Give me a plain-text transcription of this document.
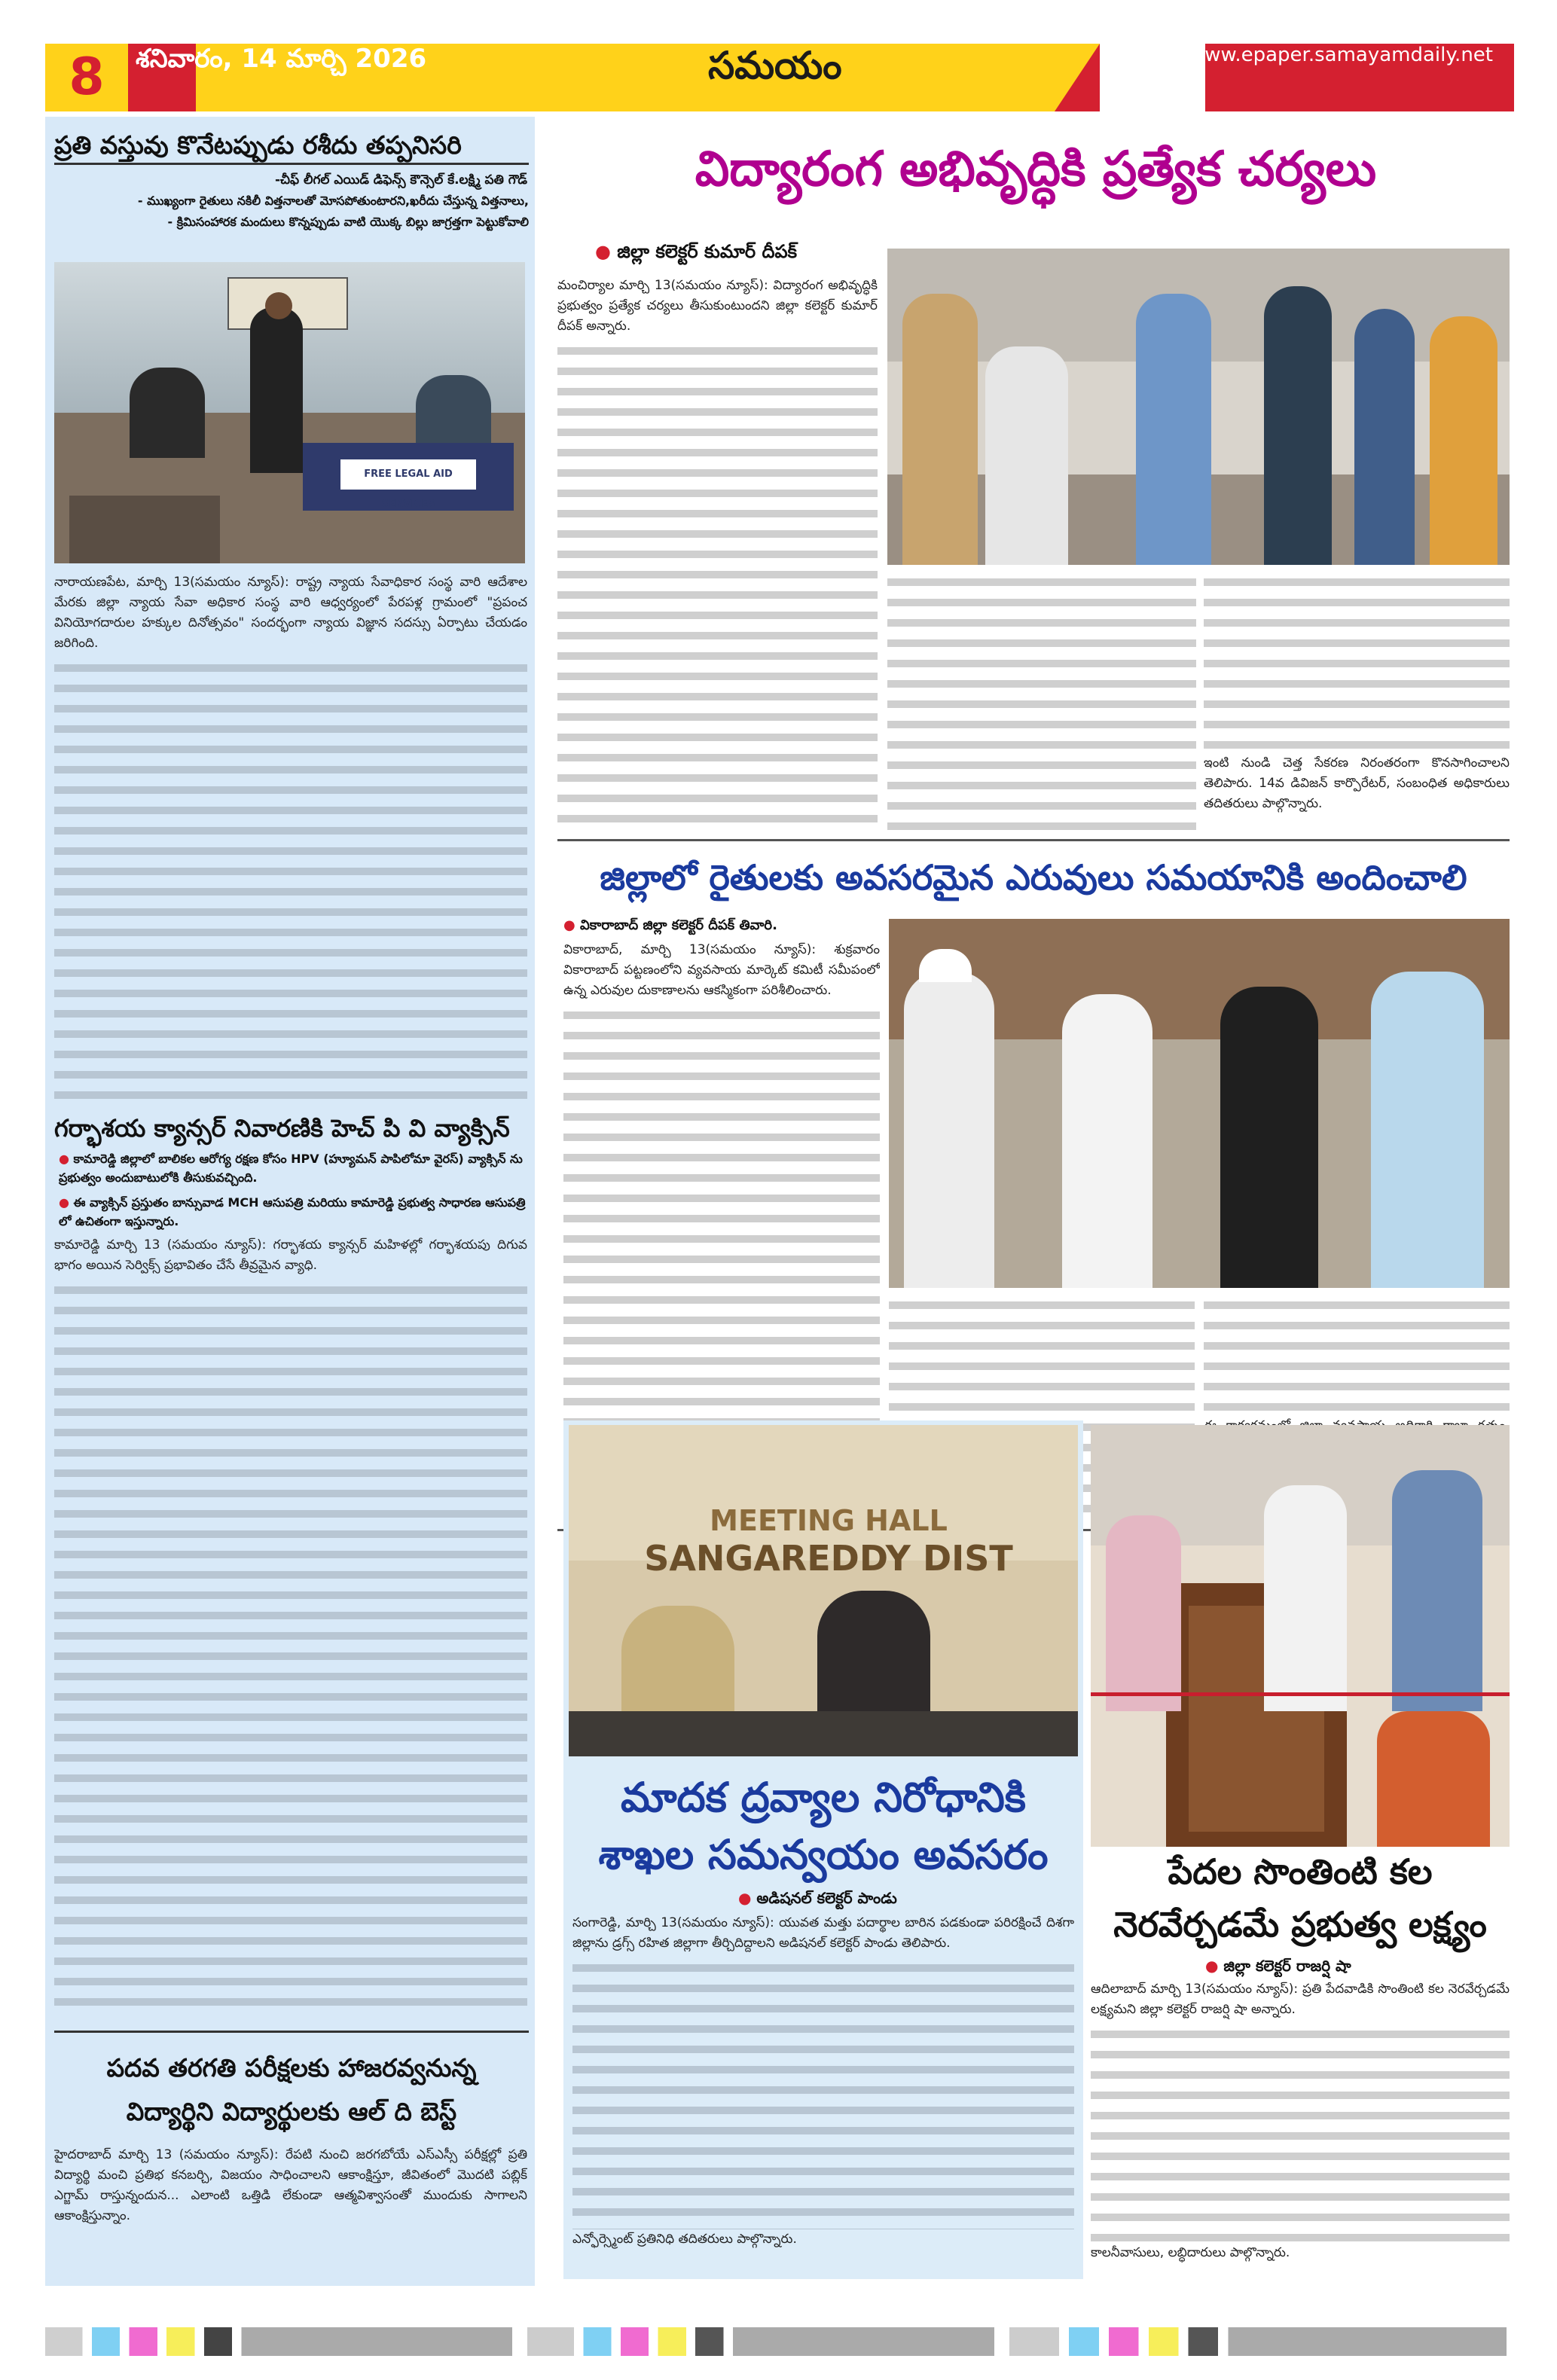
8	శనివారం, 14 మార్చి 2026	సమయం	www.epaper.samayamdaily.net
ప్రతి వస్తువు కొనేటప్పుడు రశీదు తప్పనిసరి
-చీఫ్ లీగల్ ఎయిడ్ డిఫెన్స్ కౌన్సెల్ కే.లక్ష్మి పతి గౌడ్
- ముఖ్యంగా రైతులు నకిలీ విత్తనాలతో మోసపోతుంటారని,ఖరీదు చేస్తున్న విత్తనాలు,
- క్రిమిసంహారక మందులు కొన్నప్పుడు వాటి యొక్క బిల్లు జాగ్రత్తగా పెట్టుకోవాలి
FREE LEGAL AID SERVICES
నారాయణపేట, మార్చి 13(సమయం న్యూస్): రాష్ట్ర న్యాయ సేవాధికార సంస్థ వారి ఆదేశాల మేరకు జిల్లా న్యాయ సేవా అధికార సంస్థ వారి ఆధ్వర్యంలో పేరపళ్ల గ్రామంలో "ప్రపంచ వినియోగదారుల హక్కుల దినోత్సవం" సందర్భంగా న్యాయ విజ్ఞాన సదస్సు ఏర్పాటు చేయడం జరిగింది.
గర్భాశయ క్యాన్సర్ నివారణికి హెచ్ పి వి వ్యాక్సిన్
● కామారెడ్డి జిల్లాలో బాలికల ఆరోగ్య రక్షణ కోసం HPV (హ్యూమన్ పాపిలోమా వైరస్) వ్యాక్సిన్ ను ప్రభుత్వం అందుబాటులోకి తీసుకువచ్చింది.
● ఈ వ్యాక్సిన్ ప్రస్తుతం బాన్సువాడ MCH ఆసుపత్రి మరియు కామారెడ్డి ప్రభుత్వ సాధారణ ఆసుపత్రి లో ఉచితంగా ఇస్తున్నారు.
కామారెడ్డి మార్చి 13 (సమయం న్యూస్): గర్భాశయ క్యాన్సర్ మహిళల్లో గర్భాశయపు దిగువ భాగం అయిన సెర్విక్స్ ప్రభావితం చేసే తీవ్రమైన వ్యాధి.
పదవ తరగతి పరీక్షలకు హాజరవ్వనున్న
విద్యార్థిని విద్యార్థులకు ఆల్ ది బెస్ట్
హైదరాబాద్ మార్చి 13 (సమయం న్యూస్): రేపటి నుంచి జరగబోయే ఎస్ఎస్సీ పరీక్షల్లో ప్రతి విద్యార్థి మంచి ప్రతిభ కనబర్చి, విజయం సాధించాలని ఆకాంక్షిస్తూ, జీవితంలో మొదటి పబ్లిక్ ఎగ్జామ్ రాస్తున్నందున... ఎలాంటి ఒత్తిడి లేకుండా ఆత్మవిశ్వాసంతో ముందుకు సాగాలని ఆకాంక్షిస్తున్నాం.
విద్యారంగ అభివృద్ధికి ప్రత్యేక చర్యలు
● జిల్లా కలెక్టర్ కుమార్ దీపక్
మంచిర్యాల మార్చి 13(సమయం న్యూస్): విద్యారంగ అభివృద్ధికి ప్రభుత్వం ప్రత్యేక చర్యలు తీసుకుంటుందని జిల్లా కలెక్టర్ కుమార్ దీపక్ అన్నారు.
ఇంటి నుండి చెత్త సేకరణ నిరంతరంగా కొనసాగించాలని తెలిపారు. 14వ డివిజన్ కార్పొరేటర్, సంబంధిత అధికారులు తదితరులు పాల్గొన్నారు.
జిల్లాలో రైతులకు అవసరమైన ఎరువులు సమయానికి అందించాలి
● వికారాబాద్ జిల్లా కలెక్టర్ దీపక్ తివారి.
వికారాబాద్, మార్చి 13(సమయం న్యూస్): శుక్రవారం వికారాబాద్ పట్టణంలోని వ్యవసాయ మార్కెట్ కమిటీ సమీపంలో ఉన్న ఎరువుల దుకాణాలను ఆకస్మికంగా పరిశీలించారు.
MEETING HALL
SANGAREDDY DIST
మాదక ద్రవ్యాల నిరోధానికి
శాఖల సమన్వయం అవసరం
● అడిషనల్ కలెక్టర్ పాండు
సంగారెడ్డి, మార్చి 13(సమయం న్యూస్): యువత మత్తు పదార్థాల బారిన పడకుండా పరిరక్షించే దిశగా జిల్లాను డ్రగ్స్ రహిత జిల్లాగా తీర్చిదిద్దాలని అడిషనల్ కలెక్టర్ పాండు తెలిపారు.
ఎన్ఫోర్స్మెంట్ ప్రతినిధి తదితరులు పాల్గొన్నారు.
పేదల సొంతింటి కల
నెరవేర్చడమే ప్రభుత్వ లక్ష్యం
● జిల్లా కలెక్టర్ రాజర్షి షా
ఆదిలాబాద్ మార్చి 13(సమయం న్యూస్): ప్రతి పేదవాడికి సొంతింటి కల నెరవేర్చడమే లక్ష్యమని జిల్లా కలెక్టర్ రాజర్షి షా అన్నారు.
కాలనీవాసులు, లబ్ధిదారులు పాల్గొన్నారు.
